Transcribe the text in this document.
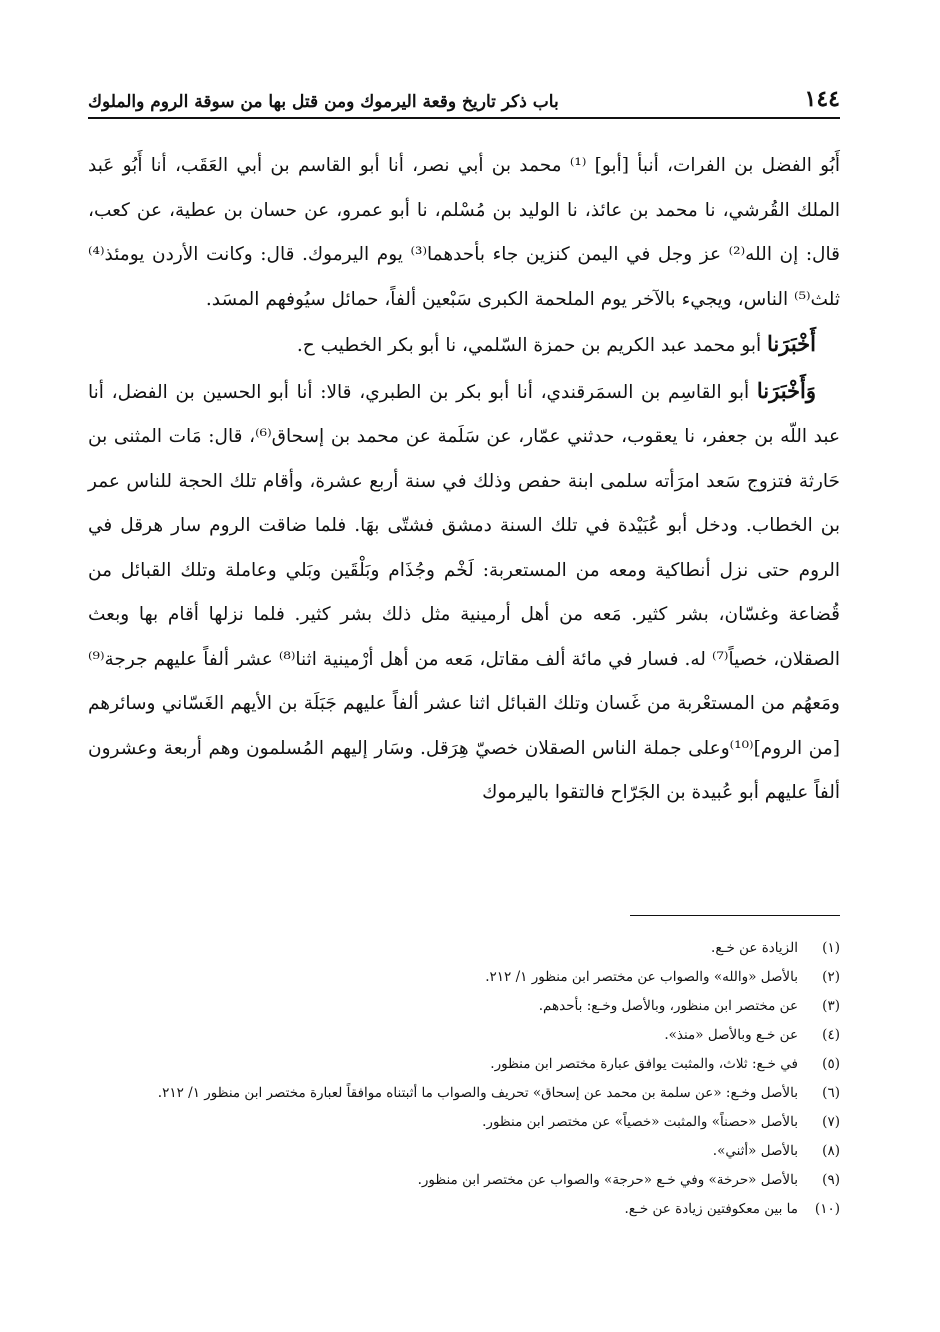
١٤٤
باب ذكر تاريخ وقعة اليرموك ومن قتل بها من سوقة الروم والملوك

أَبُو الفضل بن الفرات، أنبأ [أبو] ⁽¹⁾ محمد بن أبي نصر، أنا أبو القاسم بن أبي العَقَب، أنا أَبُو عَبد الملك القُرشي، نا محمد بن عائذ، نا الوليد بن مُسْلم، نا أبو عمرو، عن حسان بن عطية، عن كعب، قال: إن الله⁽²⁾ عز وجل في اليمن كنزين جاء بأحدهما⁽³⁾ يوم اليرموك. قال: وكانت الأردن يومئذ⁽⁴⁾ ثلث⁽⁵⁾ الناس، ويجيء بالآخر يوم الملحمة الكبرى سَبْعين ألفاً، حمائل سيُوفهم المسَد.

أَخْبَرَنا أبو محمد عبد الكريم بن حمزة السّلمي، نا أبو بكر الخطيب ح.

وَأَخْبَرَنا أبو القاسِم بن السمَرقندي، أنا أبو بكر بن الطبري، قالا: أنا أبو الحسين بن الفضل، أنا عبد اللّه بن جعفر، نا يعقوب، حدثني عمّار، عن سَلَمة عن محمد بن إسحاق⁽⁶⁾، قال: مَات المثنى بن حَارثة فتزوج سَعد امرَأته سلمى ابنة حفص وذلك في سنة أربع عشرة، وأقام تلك الحجة للناس عمر بن الخطاب. ودخل أبو عُبَيْدة في تلك السنة دمشق فشتّى بهَا. فلما ضاقت الروم سار هرقل في الروم حتى نزل أنطاكية ومعه من المستعربة: لَخْم وجُذَام وبَلْقَين وبَلي وعاملة وتلك القبائل من قُضاعة وغسّان، بشر كثير. مَعه من أهل أرمينية مثل ذلك بشر كثير. فلما نزلها أقام بها وبعث الصقلان، خصياً⁽⁷⁾ له. فسار في مائة ألف مقاتل، مَعه من أهل أرْمينية اثنا⁽⁸⁾ عشر ألفاً عليهم جرجة⁽⁹⁾ ومَعهُم من المستعْربة من غَسان وتلك القبائل اثنا عشر ألفاً عليهم جَبَلَة بن الأيهم الغَسّاني وسائرهم [من الروم]⁽¹⁰⁾وعلى جملة الناس الصقلان خصيّ هِرَقل. وسَار إليهم المُسلمون وهم أربعة وعشرون ألفاً عليهم أبو عُبيدة بن الجَرّاح فالتقوا باليرموك

(١)
الزيادة عن خـع.
(٢)
بالأصل «والله» والصواب عن مختصر ابن منظور ١/ ٢١٢.
(٣)
عن مختصر ابن منظور، وبالأصل وخـع: بأحدهم.
(٤)
عن خـع وبالأصل «منذ».
(٥)
في خـع: ثلاث، والمثبت يوافق عبارة مختصر ابن منظور.
(٦)
بالأصل وخـع: «عن سلمة بن محمد عن إسحاق» تحريف والصواب ما أثبتناه موافقاً لعبارة مختصر ابن منظور ١/ ٢١٢.
(٧)
بالأصل «حصناً» والمثبت «خصياً» عن مختصر ابن منظور.
(٨)
بالأصل «أثني».
(٩)
بالأصل «حرخة» وفي خـع «حرجة» والصواب عن مختصر ابن منظور.
(١٠)
ما بين معكوفتين زيادة عن خـع.
